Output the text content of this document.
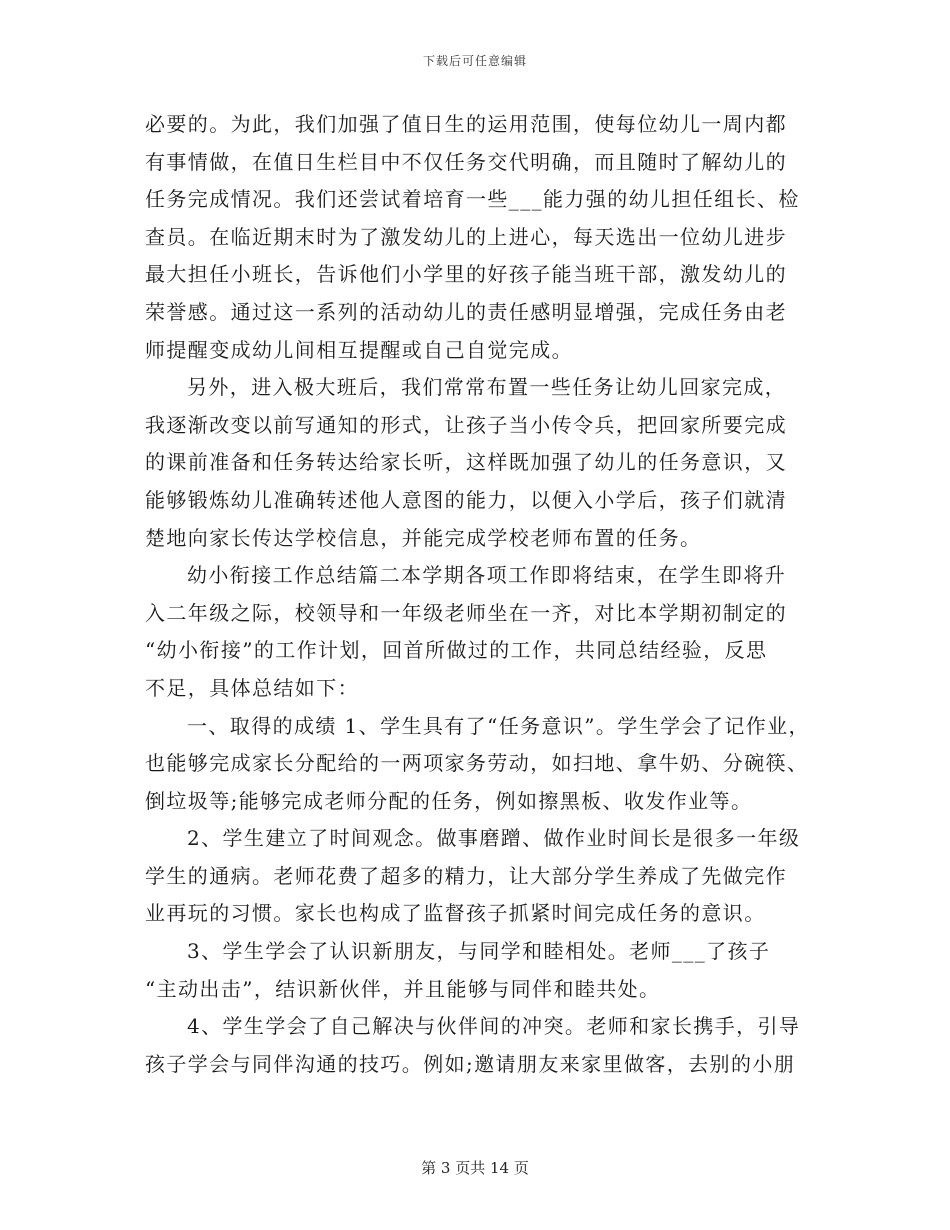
下载后可任意编辑
必要的。为此，我们加强了值日生的运用范围，使每位幼儿一周内都
有事情做，在值日生栏目中不仅任务交代明确，而且随时了解幼儿的
任务完成情况。我们还尝试着培育一些___能力强的幼儿担任组长、检
查员。在临近期末时为了激发幼儿的上进心，每天选出一位幼儿进步
最大担任小班长，告诉他们小学里的好孩子能当班干部，激发幼儿的
荣誉感。通过这一系列的活动幼儿的责任感明显增强，完成任务由老
师提醒变成幼儿间相互提醒或自己自觉完成。
另外，进入极大班后，我们常常布置一些任务让幼儿回家完成，
我逐渐改变以前写通知的形式，让孩子当小传令兵，把回家所要完成
的课前准备和任务转达给家长听，这样既加强了幼儿的任务意识，又
能够锻炼幼儿准确转述他人意图的能力，以便入小学后，孩子们就清
楚地向家长传达学校信息，并能完成学校老师布置的任务。
幼小衔接工作总结篇二本学期各项工作即将结束，在学生即将升
入二年级之际，校领导和一年级老师坐在一齐，对比本学期初制定的
“幼小衔接”的工作计划，回首所做过的工作，共同总结经验，反思
不足，具体总结如下：
一、取得的成绩 1、学生具有了“任务意识”。学生学会了记作业，
也能够完成家长分配给的一两项家务劳动，如扫地、拿牛奶、分碗筷、
倒垃圾等;能够完成老师分配的任务，例如擦黑板、收发作业等。
2、学生建立了时间观念。做事磨蹭、做作业时间长是很多一年级
学生的通病。老师花费了超多的精力，让大部分学生养成了先做完作
业再玩的习惯。家长也构成了监督孩子抓紧时间完成任务的意识。
3、学生学会了认识新朋友，与同学和睦相处。老师___了孩子
“主动出击”，结识新伙伴，并且能够与同伴和睦共处。
4、学生学会了自己解决与伙伴间的冲突。老师和家长携手，引导
孩子学会与同伴沟通的技巧。例如;邀请朋友来家里做客，去别的小朋
第 3 页共 14 页
